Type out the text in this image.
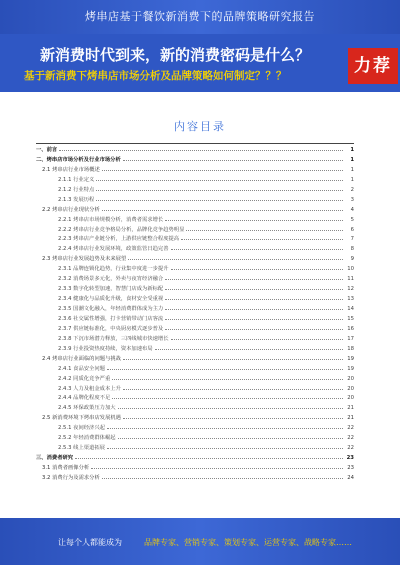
烤串店基于餐饮新消费下的品牌策略研究报告
新消费时代到来，新的消费密码是什么？
基于新消费下烤串店市场分析及品牌策略如何制定？？？	力荐
内容目录
一、前言	1
二、烤串店市场分析及行业市场分析	1
2.1 烤串店行业市场概述	1
2.1.1 行业定义	1
2.1.2 行业特点	2
2.1.3 发展历程	3
2.2 烤串店行业现状分析	4
2.2.1 烤串店市场规模分析，消费者需求增长	5
2.2.2 烤串店行业竞争格局分析，品牌化竞争趋势明显	6
2.2.3 烤串店产业链分析，上游供应链整合程度提高	7
2.2.4 烤串店行业发展环境，政策监管日趋完善	8
2.3 烤串店行业发展趋势及未来展望	9
2.3.1 品牌连锁化趋势，行业集中度进一步提升	10
2.3.2 消费场景多元化，外卖与夜宵经济融合	11
2.3.3 数字化转型加速，智慧门店成为新标配	12
2.3.4 健康化与品质化升级，食材安全受重视	13
2.3.5 国潮文化融入，年轻消费群体成为主力	14
2.3.6 社交属性增强，打卡营销带动门店客流	15
2.3.7 供应链标准化，中央厨房模式逐步普及	16
2.3.8 下沉市场潜力释放，三四线城市快速增长	17
2.3.9 行业投资热度持续，资本加速布局	18
2.4 烤串店行业面临的问题与挑战	19
2.4.1 食品安全问题	19
2.4.2 同质化竞争严重	20
2.4.3 人力及租金成本上升	20
2.4.4 品牌化程度不足	20
2.4.5 环保政策压力加大	21
2.5 新消费环境下烤串店发展机遇	21
2.5.1 夜间经济兴起	22
2.5.2 年轻消费群体崛起	22
2.5.3 线上渠道拓展	22
三、消费者研究	23
3.1 消费者画像分析	23
3.2 消费行为及需求分析	24
让每个人都能成为	品牌专家、营销专家、策划专家、运营专家、战略专家……
